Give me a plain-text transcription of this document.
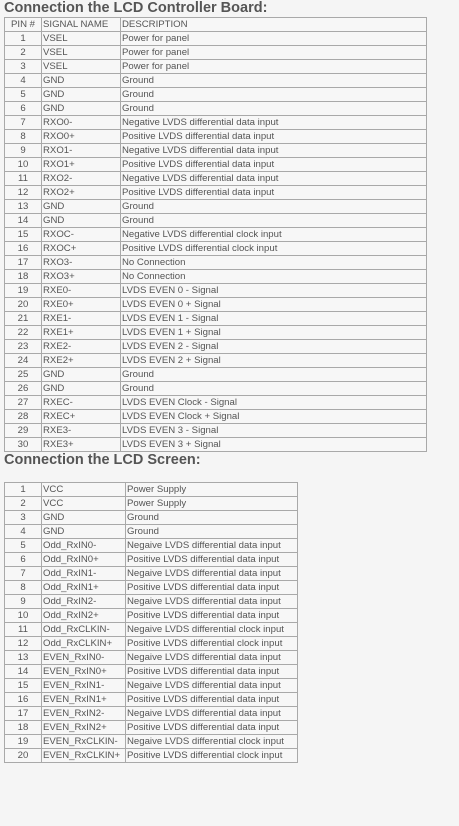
Connection the LCD Controller Board:
PIN #	SIGNAL NAME	DESCRIPTION
1	VSEL	Power for panel
2	VSEL	Power for panel
3	VSEL	Power for panel
4	GND	Ground
5	GND	Ground
6	GND	Ground
7	RXO0-	Negative LVDS differential data input
8	RXO0+	Positive LVDS differential data input
9	RXO1-	Negative LVDS differential data input
10	RXO1+	Positive LVDS differential data input
11	RXO2-	Negative LVDS differential data input
12	RXO2+	Positive LVDS differential data input
13	GND	Ground
14	GND	Ground
15	RXOC-	Negative LVDS differential clock input
16	RXOC+	Positive LVDS differential clock input
17	RXO3-	No Connection
18	RXO3+	No Connection
19	RXE0-	LVDS EVEN 0 - Signal
20	RXE0+	LVDS EVEN 0 + Signal
21	RXE1-	LVDS EVEN 1 - Signal
22	RXE1+	LVDS EVEN 1 + Signal
23	RXE2-	LVDS EVEN 2 - Signal
24	RXE2+	LVDS EVEN 2 + Signal
25	GND	Ground
26	GND	Ground
27	RXEC-	LVDS EVEN Clock - Signal
28	RXEC+	LVDS EVEN Clock + Signal
29	RXE3-	LVDS EVEN 3 - Signal
30	RXE3+	LVDS EVEN 3 + Signal
Connection the LCD Screen:
1	VCC	Power Supply
2	VCC	Power Supply
3	GND	Ground
4	GND	Ground
5	Odd_RxIN0-	Negaive LVDS differential data input
6	Odd_RxIN0+	Positive LVDS differential data input
7	Odd_RxIN1-	Negaive LVDS differential data input
8	Odd_RxIN1+	Positive LVDS differential data input
9	Odd_RxIN2-	Negaive LVDS differential data input
10	Odd_RxIN2+	Positive LVDS differential data input
11	Odd_RxCLKIN-	Negaive LVDS differential clock input
12	Odd_RxCLKIN+	Positive LVDS differential clock input
13	EVEN_RxIN0-	Negaive LVDS differential data input
14	EVEN_RxIN0+	Positive LVDS differential data input
15	EVEN_RxIN1-	Negaive LVDS differential data input
16	EVEN_RxIN1+	Positive LVDS differential data input
17	EVEN_RxIN2-	Negaive LVDS differential data input
18	EVEN_RxIN2+	Positive LVDS differential data input
19	EVEN_RxCLKIN-	Negaive LVDS differential clock input
20	EVEN_RxCLKIN+	Positive LVDS differential clock input
